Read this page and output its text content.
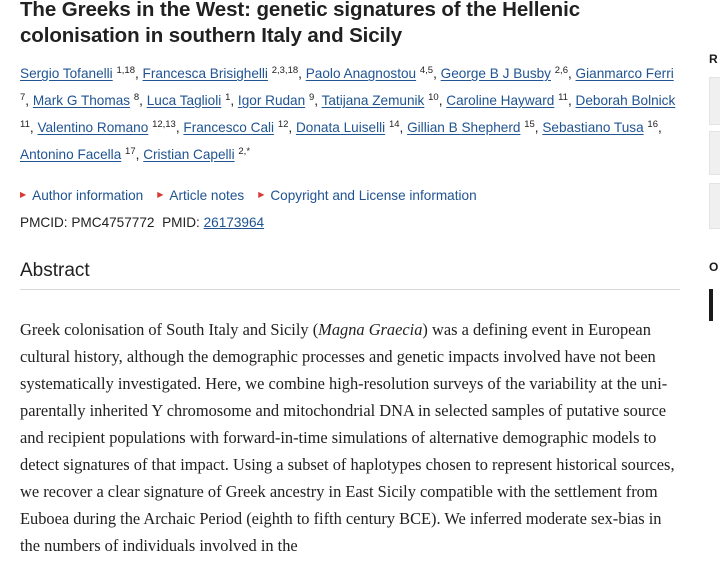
The Greeks in the West: genetic signatures of the Hellenic colonisation in southern Italy and Sicily
Sergio Tofanelli $^{1,18}$, Francesca Brisighelli $^{2,3,18}$, Paolo Anagnostou $^{4,5}$, George B J Busby $^{2,6}$, Gianmarco Ferri $^7$, Mark G Thomas $^8$, Luca Taglioli $^1$, Igor Rudan $^9$, Tatijana Zemunik $^{10}$, Caroline Hayward $^{11}$, Deborah Bolnick $^{11}$, Valentino Romano $^{12,13}$, Francesco Cali $^{12}$, Donata Luiselli $^{14}$, Gillian B Shepherd $^{15}$, Sebastiano Tusa $^{16}$, Antonino Facella $^{17}$, Cristian Capelli $^{2,*}$
▶ Author information ▶ Article notes ▶ Copyright and License information
PMCID: PMC4757772 PMID: 26173964
Abstract

Greek colonisation of South Italy and Sicily (Magna Graecia) was a defining event in European cultural history, although the demographic processes and genetic impacts involved have not been systematically investigated. Here, we combine high-resolution surveys of the variability at the uni-parentally inherited Y chromosome and mitochondrial DNA in selected samples of putative source and recipient populations with forward-in-time simulations of alternative demographic models to detect signatures of that impact. Using a subset of haplotypes chosen to represent historical sources, we recover a clear signature of Greek ancestry in East Sicily compatible with the settlement from Euboea during the Archaic Period (eighth to fifth century BCE). We inferred moderate sex-bias in the numbers of individuals involved in the

R
O
